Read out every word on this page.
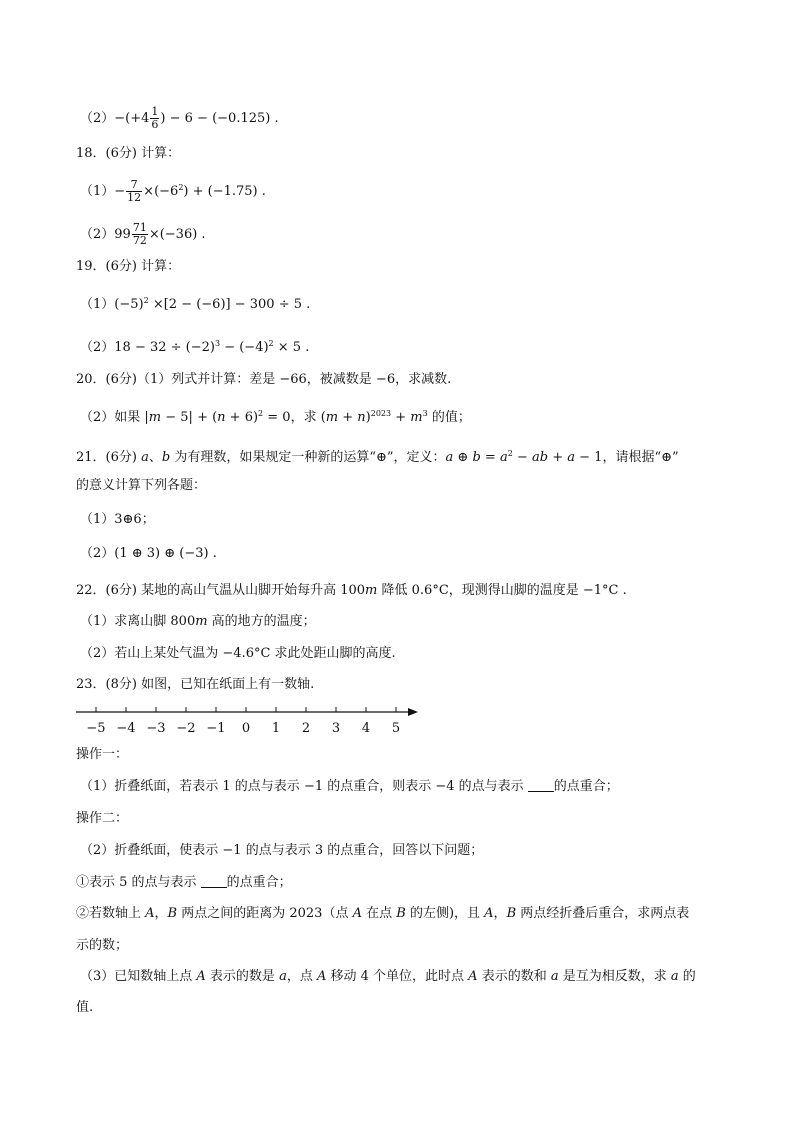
$(2)-(+4 \frac{1}{6}$ ) − 6 − (−0.125) .
18．(6分) 计算：
$(1)- \frac{7}{12} \times(-6^2) + (-1.75)$ .
$(2)99 \frac{71}{72} \times(-36)$ .
19．(6分) 计算：
$(1)(-5)^2 \times[2 - (-6)] - 300 \div 5$ .
$(2)18 - 32 \div (-2)^3 - (-4)^2 \times 5$ .
20．(6分)（1）列式并计算：差是 −66，被减数是 −6，求减数.
（2）如果 $|m - 5| + (n + 6)^2 = 0$，求 $(m + n)^{2023} + m^3$ 的值；
21．(6分) a、b 为有理数，如果规定一种新的运算“⊕”，定义：a ⊕ $b = a^2$ − ab + a − 1，请根据“⊕”
的意义计算下列各题：
（1）3⊕6；
（2）(1 ⊕ 3) ⊕ (−3) .
22．(6分) 某地的高山气温从山脚开始每升高 100m 降低 0.6°C，现测得山脚的温度是 −1°C .
（1）求离山脚 800m 高的地方的温度；
（2）若山上某处气温为 −4.6°C 求此处距山脚的高度.
23．(8分) 如图，已知在纸面上有一数轴.
−5 −4 −3 −2 −1 0 1 2 3 4 5
操作一：
（1）折叠纸面，若表示 1 的点与表示 −1 的点重合，则表示 −4 的点与表示 的点重合；
操作二：
（2）折叠纸面，使表示 −1 的点与表示 3 的点重合，回答以下问题；
①表示 5 的点与表示 的点重合；
②若数轴上 A，B 两点之间的距离为 2023（点 A 在点 B 的左侧)，且 A，B 两点经折叠后重合，求两点表
示的数；
（3）已知数轴上点 A 表示的数是 a，点 A 移动 4 个单位，此时点 A 表示的数和 a 是互为相反数，求 a 的
值.
